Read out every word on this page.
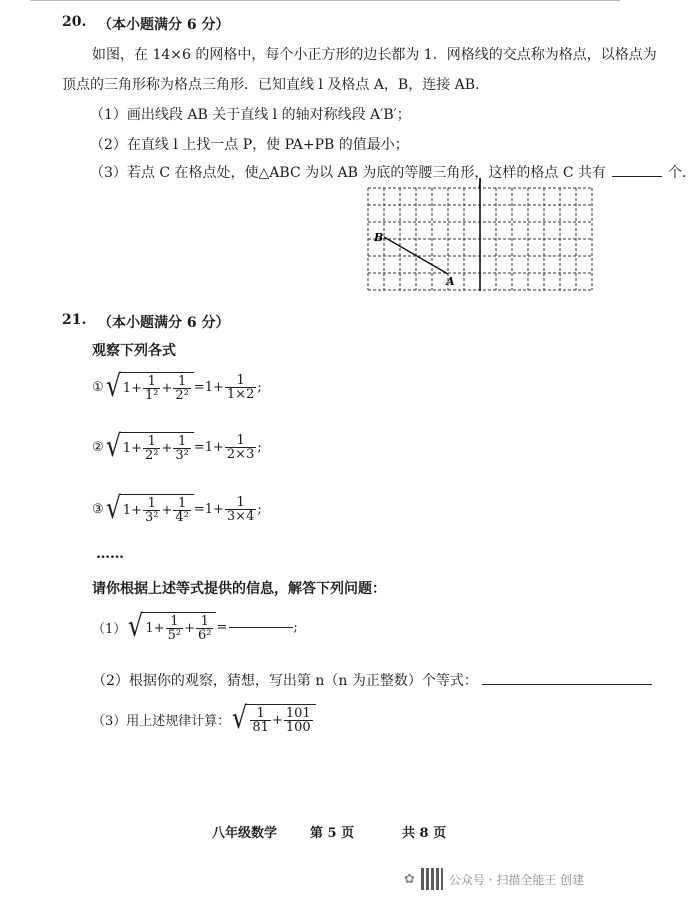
20. （本小题满分 6 分）
如图，在 14×6 的网格中，每个小正方形的边长都为 1．网格线的交点称为格点，以格点为
顶点的三角形称为格点三角形．已知直线 l 及格点 A，B，连接 AB．
（1）画出线段 AB 关于直线 l 的轴对称线段 A′B′；
（2）在直线 l 上找一点 P，使 PA+PB 的值最小；
（3）若点 C 在格点处，使△ABC 为以 AB 为底的等腰三角形，这样的格点 C 共有	个．
l
B
A
21. （本小题满分 6 分）
观察下列各式
① √ $1 + \frac{1}{\text{1²}} + \frac{1}{\text{2²}} =1+ \frac{1}{1\times 2}$ ;
② √ $1 + \frac{1}{\text{2²}} + \frac{1}{\text{3²}} =1+ \frac{1}{2\times 3}$ ;
③ √ $1 + \frac{1}{\text{3²}} + \frac{1}{\text{4²}} =1+ \frac{1}{3\times 4}$ ;
……
请你根据上述等式提供的信息，解答下列问题：
（1） √ $1 + \frac{1}{\text{5²}} + \frac{1}{\text{6²}}$ =	;
（2）根据你的观察，猜想，写出第 n（n 为正整数）个等式：
（3）用上述规律计算： √ $\frac{1}{81} + \frac{101}{100}$
八年级数学	第 5 页	共 8 页
✿	公众号 · 扫描全能王 创建
